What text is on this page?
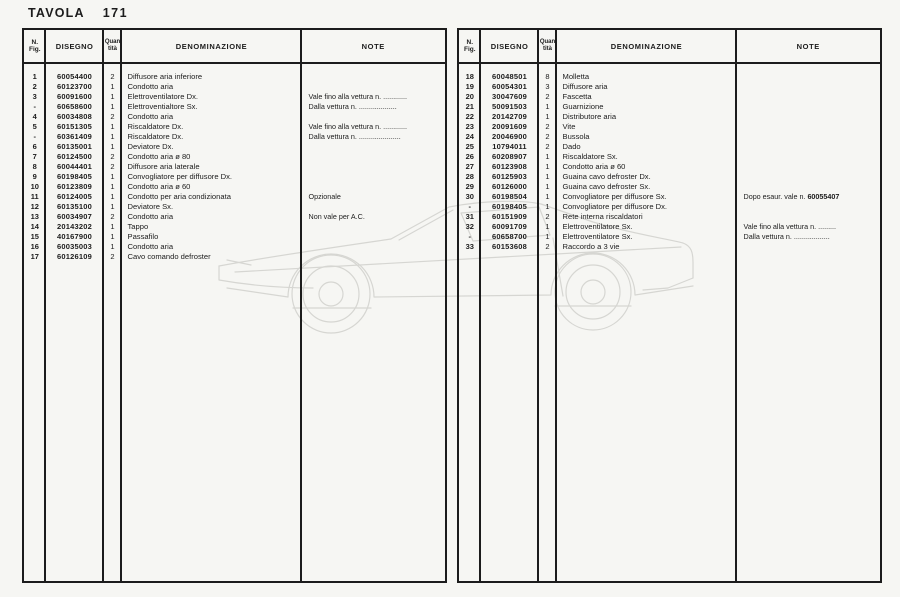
TAVOLA 171
N.
Fig.	DISEGNO	Quan
tità	DENOMINAZIONE	NOTE
1	60054400	2	Diffusore aria inferiore
2	60123700	1	Condotto aria
3	60091600	1	Elettroventilatore Dx.	Vale fino alla vettura n. ............
-	60658600	1	Elettroventialtore Sx.	Dalla vettura n. ...................
4	60034808	2	Condotto aria
5	60151305	1	Riscaldatore Dx.	Vale fino alla vettura n. ............
-	60361409	1	Riscaldatore Dx.	Dalla vettura n. .....................
6	60135001	1	Deviatore Dx.
7	60124500	2	Condotto aria ø 80
8	60044401	2	Diffusore aria laterale
9	60198405	1	Convogliatore per diffusore Dx.
10	60123809	1	Condotto aria ø 60
11	60124005	1	Condotto per aria condizionata	Opzionale
12	60135100	1	Deviatore Sx.
13	60034907	2	Condotto aria	Non vale per A.C.
14	20143202	1	Tappo
15	40167900	1	Passafilo
16	60035003	1	Condotto aria
17	60126109	2	Cavo comando defroster
N.
Fig.	DISEGNO	Quan
tità	DENOMINAZIONE	NOTE
18	60048501	8	Molletta
19	60054301	3	Diffusore aria
20	30047609	2	Fascetta
21	50091503	1	Guarnizione
22	20142709	1	Distributore aria
23	20091609	2	Vite
24	20046900	2	Bussola
25	10794011	2	Dado
26	60208907	1	Riscaldatore Sx.
27	60123908	1	Condotto aria ø 60
28	60125903	1	Guaina cavo defroster Dx.
29	60126000	1	Guaina cavo defroster Sx.
30	60198504	1	Convogliatore per diffusore Sx.	Dopo esaur. vale n. 60055407
-	60198405	1	Convogliatore per diffusore Dx.
31	60151909	2	Rete interna riscaldatori
32	60091709	1	Elettroventilatore Sx.	Vale fino alla vettura n. .........
-	60658700	1	Elettroventilatore Sx.	Dalla vettura n. ..................
33	60153608	2	Raccordo a 3 vie
